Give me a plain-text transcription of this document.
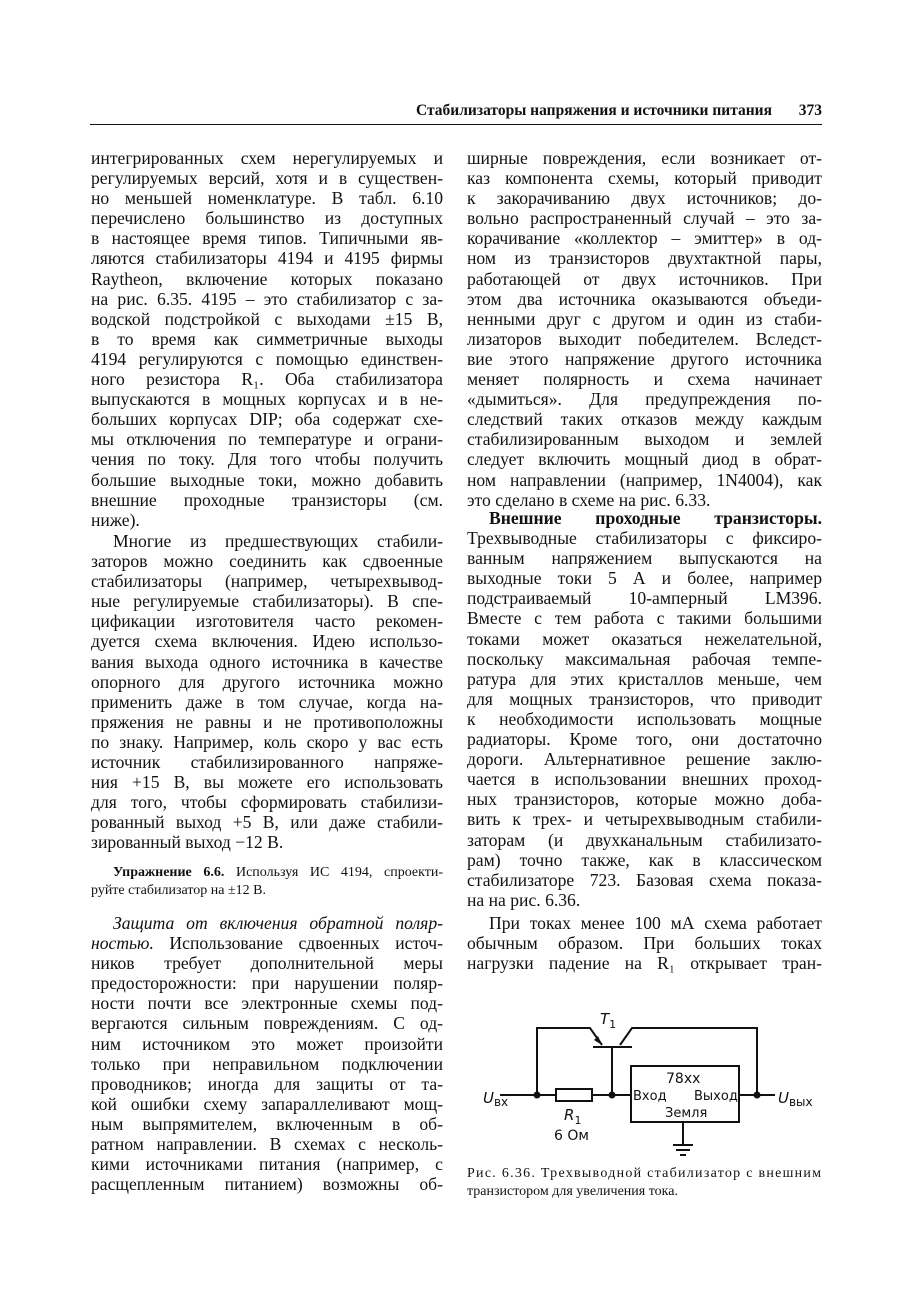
Стабилизаторы напряжения и источники питания 373
интегрированных схем нерегулируемых и
регулируемых версий, хотя и в существен-
но меньшей номенклатуре. В табл. 6.10
перечислено большинство из доступных
в настоящее время типов. Типичными яв-
ляются стабилизаторы 4194 и 4195 фирмы
Raytheon, включение которых показано
на рис. 6.35. 4195 – это стабилизатор с за-
водской подстройкой с выходами ±15 В,
в то время как симметричные выходы
4194 регулируются с помощью единствен-
ного резистора R₁. Оба стабилизатора
выпускаются в мощных корпусах и в не-
больших корпусах DIP; оба содержат схе-
мы отключения по температуре и ограни-
чения по току. Для того чтобы получить
большие выходные токи, можно добавить
внешние проходные транзисторы (см.
ниже).
Многие из предшествующих стабили-
заторов можно соединить как сдвоенные
стабилизаторы (например, четырехвывод-
ные регулируемые стабилизаторы). В спе-
цификации изготовителя часто рекомен-
дуется схема включения. Идею использо-
вания выхода одного источника в качестве
опорного для другого источника можно
применить даже в том случае, когда на-
пряжения не равны и не противоположны
по знаку. Например, коль скоро у вас есть
источник стабилизированного напряже-
ния +15 В, вы можете его использовать
для того, чтобы сформировать стабилизи-
рованный выход +5 В, или даже стабили-
зированный выход −12 В.
Упражнение 6.6. Используя ИС 4194, спроекти-
руйте стабилизатор на ±12 В.
Защита от включения обратной поляр-
ностью. Использование сдвоенных источ-
ников требует дополнительной меры
предосторожности: при нарушении поляр-
ности почти все электронные схемы под-
вергаются сильным повреждениям. С од-
ним источником это может произойти
только при неправильном подключении
проводников; иногда для защиты от та-
кой ошибки схему запараллеливают мощ-
ным выпрямителем, включенным в об-
ратном направлении. В схемах с несколь-
кими источниками питания (например, с
расщепленным питанием) возможны об-
ширные повреждения, если возникает от-
каз компонента схемы, который приводит
к закорачиванию двух источников; до-
вольно распространенный случай – это за-
корачивание «коллектор – эмиттер» в од-
ном из транзисторов двухтактной пары,
работающей от двух источников. При
этом два источника оказываются объеди-
ненными друг с другом и один из стаби-
лизаторов выходит победителем. Вследст-
вие этого напряжение другого источника
меняет полярность и схема начинает
«дымиться». Для предупреждения по-
следствий таких отказов между каждым
стабилизированным выходом и землей
следует включить мощный диод в обрат-
ном направлении (например, 1N4004), как
это сделано в схеме на рис. 6.33.
Внешние проходные транзисторы.
Трехвыводные стабилизаторы с фиксиро-
ванным напряжением выпускаются на
выходные токи 5 А и более, например
подстраиваемый 10-амперный LM396.
Вместе с тем работа с такими большими
токами может оказаться нежелательной,
поскольку максимальная рабочая темпе-
ратура для этих кристаллов меньше, чем
для мощных транзисторов, что приводит
к необходимости использовать мощные
радиаторы. Кроме того, они достаточно
дороги. Альтернативное решение заклю-
чается в использовании внешних проход-
ных транзисторов, которые можно доба-
вить к трех- и четырехвыводным стабили-
заторам (и двухканальным стабилизато-
рам) точно также, как в классическом
стабилизаторе 723. Базовая схема показа-
на на рис. 6.36.
При токах менее 100 мА схема работает
обычным образом. При больших токах
нагрузки падение на R₁ открывает тран-
$T_1$
$U_{вх}$	$U_{вых}$
$R_1$
6 Ом
78xx
Вход Выход
Земля
Рис. 6.36. Трехвыводной стабилизатор с внешним
транзистором для увеличения тока.
